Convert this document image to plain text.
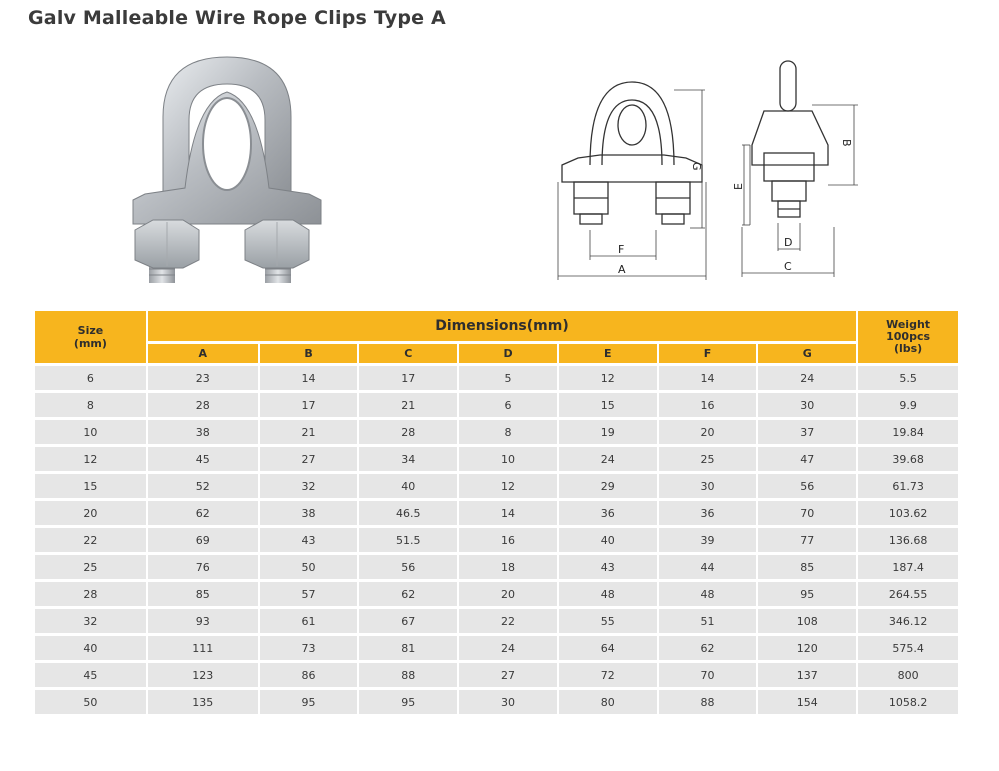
Galv Malleable Wire Rope Clips Type A
G
F
A
B
E
D
C
Size
(mm)	Dimensions(mm)							Weight
100pcs
(lbs)
	A	B	C	D	E	F	G	
6	23	14	17	5	12	14	24	5.5
8	28	17	21	6	15	16	30	9.9
10	38	21	28	8	19	20	37	19.84
12	45	27	34	10	24	25	47	39.68
15	52	32	40	12	29	30	56	61.73
20	62	38	46.5	14	36	36	70	103.62
22	69	43	51.5	16	40	39	77	136.68
25	76	50	56	18	43	44	85	187.4
28	85	57	62	20	48	48	95	264.55
32	93	61	67	22	55	51	108	346.12
40	111	73	81	24	64	62	120	575.4
45	123	86	88	27	72	70	137	800
50	135	95	95	30	80	88	154	1058.2
